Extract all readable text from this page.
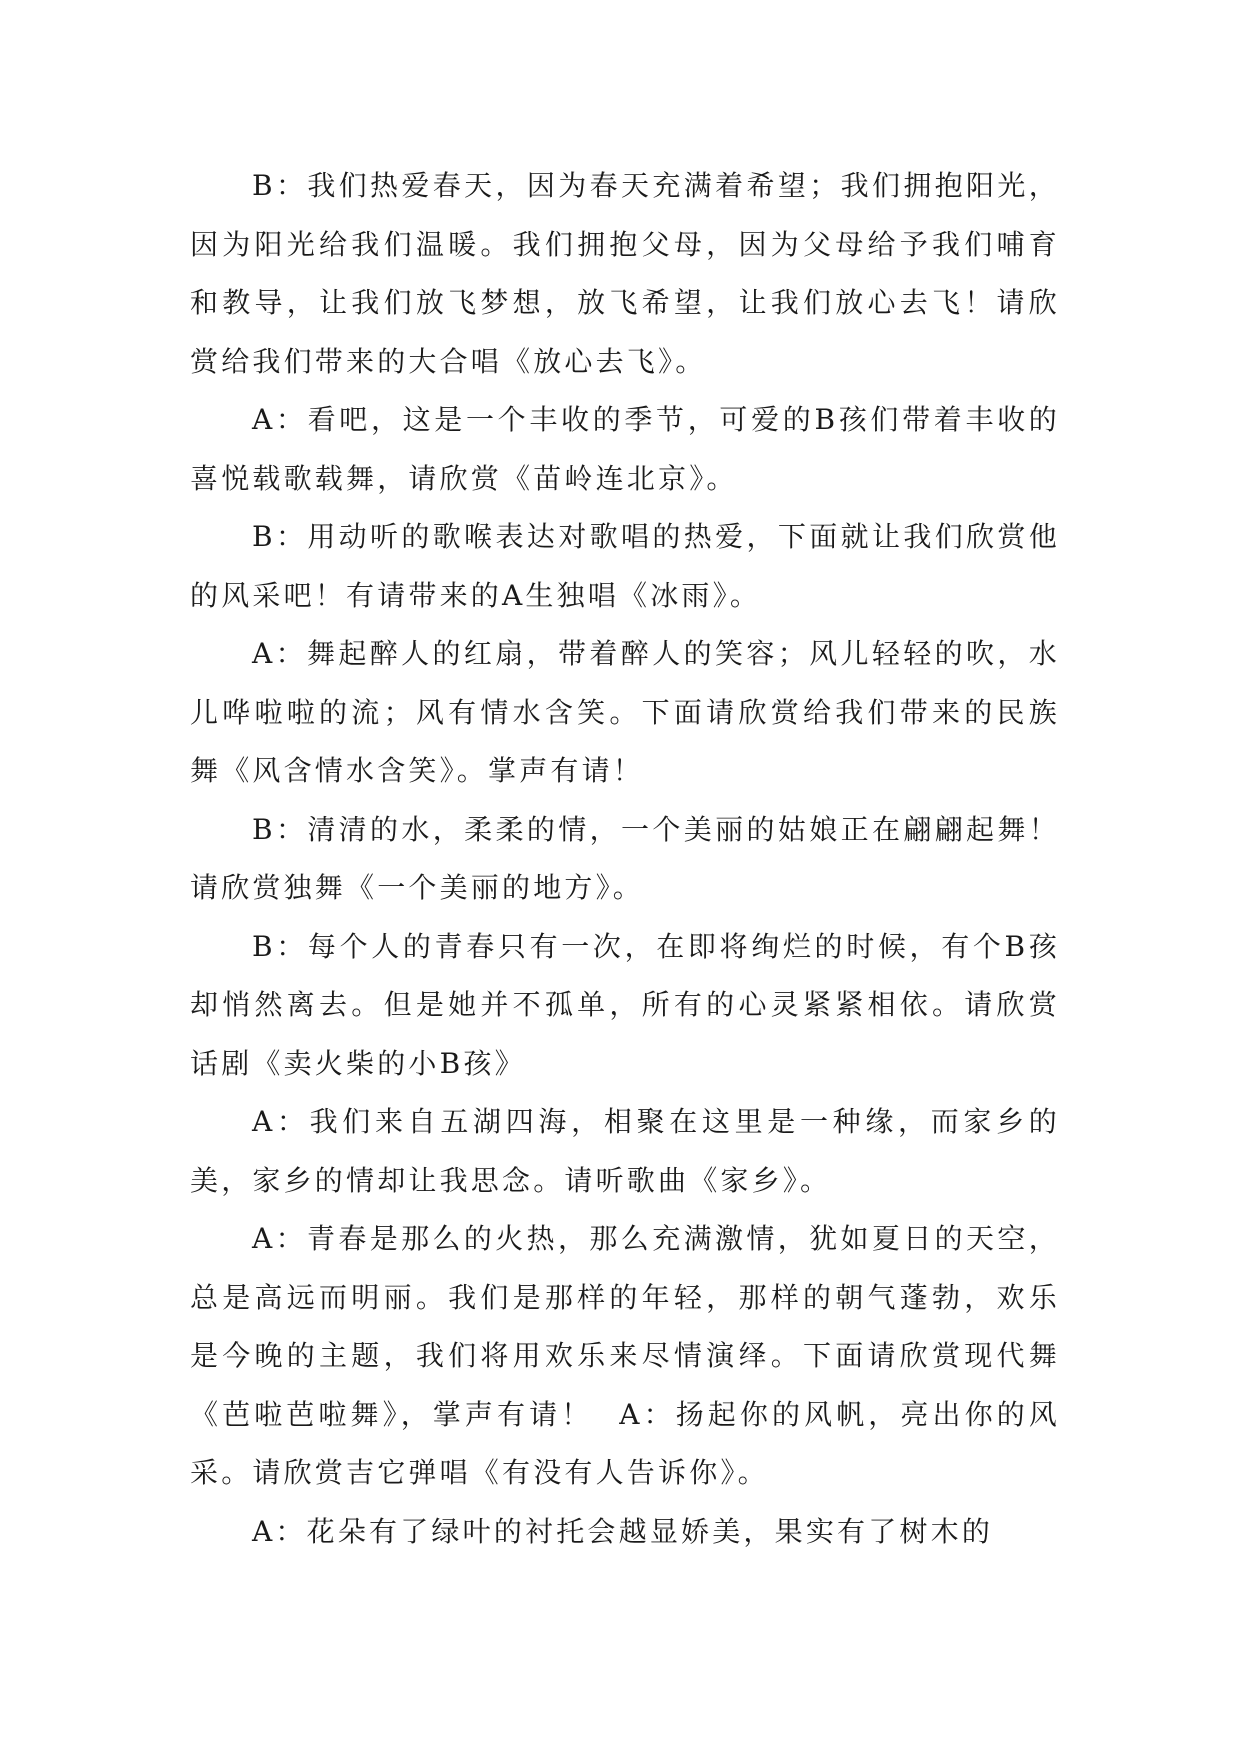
B：我们热爱春天，因为春天充满着希望；我们拥抱阳光，因为阳光给我们温暖。我们拥抱父母，因为父母给予我们哺育和教导，让我们放飞梦想，放飞希望，让我们放心去飞！请欣赏给我们带来的大合唱《放心去飞》。

A：看吧，这是一个丰收的季节，可爱的B孩们带着丰收的喜悦载歌载舞，请欣赏《苗岭连北京》。

B：用动听的歌喉表达对歌唱的热爱，下面就让我们欣赏他的风采吧！有请带来的A生独唱《冰雨》。

A：舞起醉人的红扇，带着醉人的笑容；风儿轻轻的吹，水儿哗啦啦的流；风有情水含笑。下面请欣赏给我们带来的民族舞《风含情水含笑》。掌声有请！

B：清清的水，柔柔的情，一个美丽的姑娘正在翩翩起舞！请欣赏独舞《一个美丽的地方》。

B：每个人的青春只有一次，在即将绚烂的时候，有个B孩却悄然离去。但是她并不孤单，所有的心灵紧紧相依。请欣赏话剧《卖火柴的小B孩》

A：我们来自五湖四海，相聚在这里是一种缘，而家乡的美，家乡的情却让我思念。请听歌曲《家乡》。

A：青春是那么的火热，那么充满激情，犹如夏日的天空，总是高远而明丽。我们是那样的年轻，那样的朝气蓬勃，欢乐是今晚的主题，我们将用欢乐来尽情演绎。下面请欣赏现代舞《芭啦芭啦舞》，掌声有请！  A：扬起你的风帆，亮出你的风采。请欣赏吉它弹唱《有没有人告诉你》。

A：花朵有了绿叶的衬托会越显娇美，果实有了树木的
